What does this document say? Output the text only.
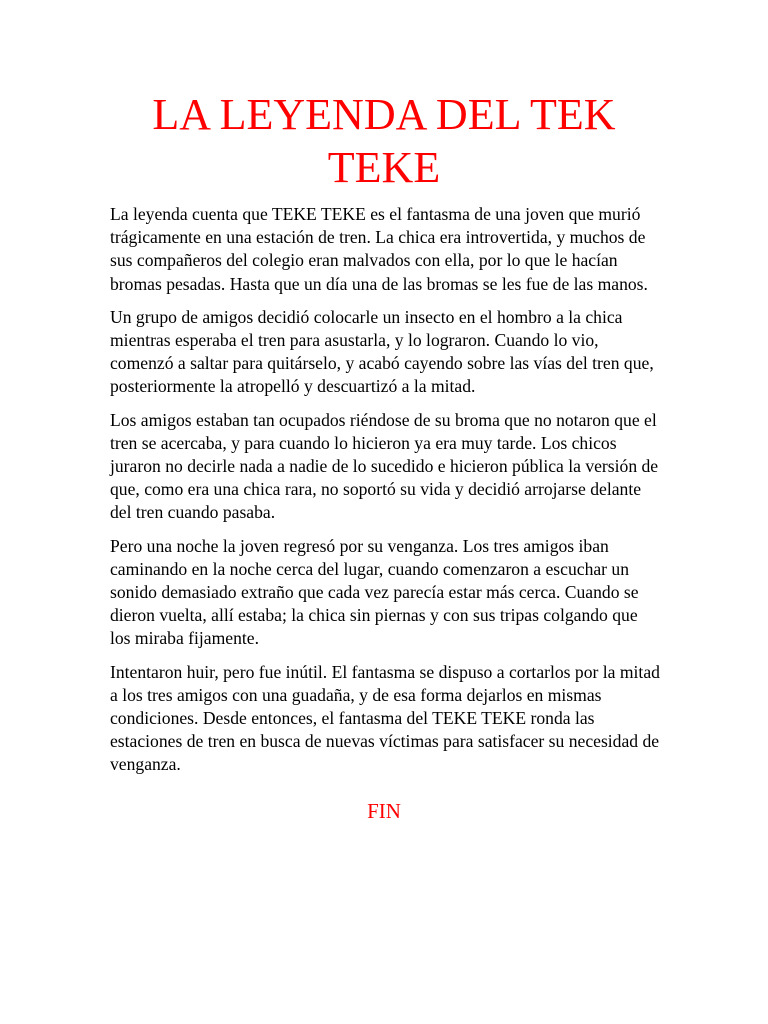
LA LEYENDA DEL TEK TEKE

La leyenda cuenta que TEKE TEKE es el fantasma de una joven que murió trágicamente en una estación de tren. La chica era introvertida, y muchos de sus compañeros del colegio eran malvados con ella, por lo que le hacían bromas pesadas. Hasta que un día una de las bromas se les fue de las manos.

Un grupo de amigos decidió colocarle un insecto en el hombro a la chica mientras esperaba el tren para asustarla, y lo lograron. Cuando lo vio, comenzó a saltar para quitárselo, y acabó cayendo sobre las vías del tren que, posteriormente la atropelló y descuartizó a la mitad.

Los amigos estaban tan ocupados riéndose de su broma que no notaron que el tren se acercaba, y para cuando lo hicieron ya era muy tarde. Los chicos juraron no decirle nada a nadie de lo sucedido e hicieron pública la versión de que, como era una chica rara, no soportó su vida y decidió arrojarse delante del tren cuando pasaba.

Pero una noche la joven regresó por su venganza. Los tres amigos iban caminando en la noche cerca del lugar, cuando comenzaron a escuchar un sonido demasiado extraño que cada vez parecía estar más cerca. Cuando se dieron vuelta, allí estaba; la chica sin piernas y con sus tripas colgando que los miraba fijamente.

Intentaron huir, pero fue inútil. El fantasma se dispuso a cortarlos por la mitad a los tres amigos con una guadaña, y de esa forma dejarlos en mismas condiciones. Desde entonces, el fantasma del TEKE TEKE ronda las estaciones de tren en busca de nuevas víctimas para satisfacer su necesidad de venganza.

FIN
